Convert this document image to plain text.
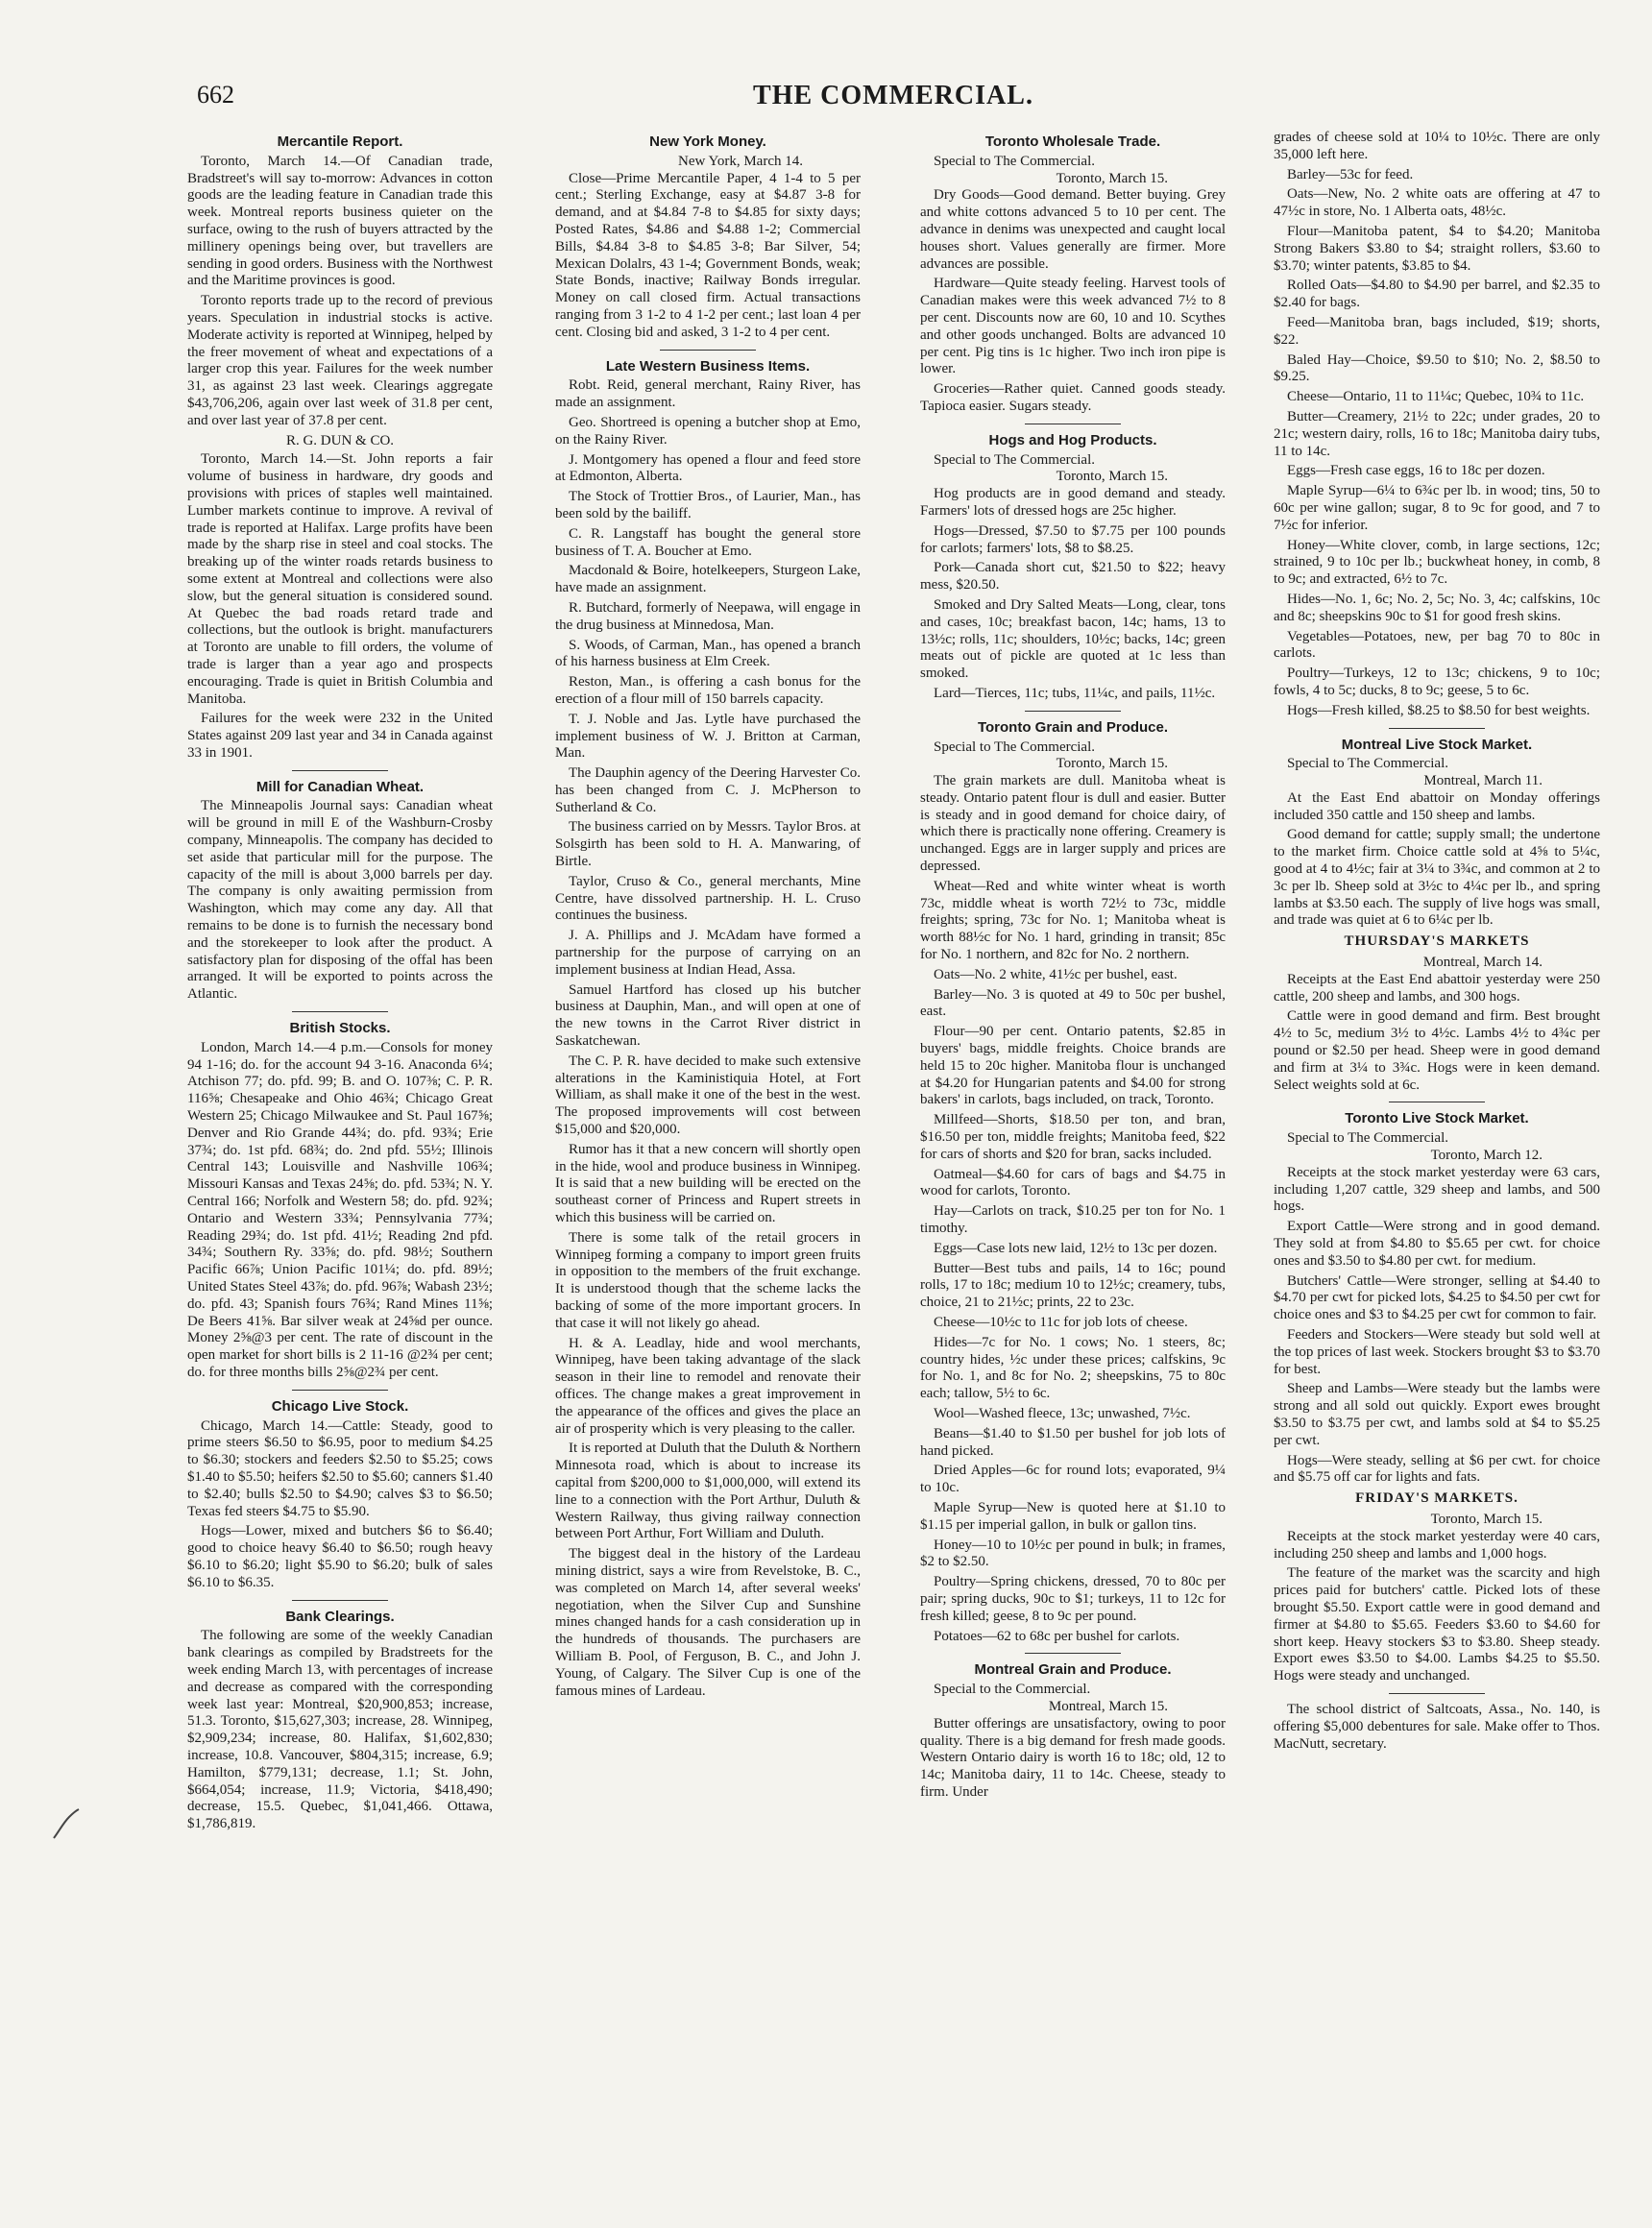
662	THE COMMERCIAL.
Mercantile Report.

Toronto, March 14.—Of Canadian trade, Bradstreet's will say to-morrow: Advances in cotton goods are the leading feature in Canadian trade this week. Montreal reports business quieter on the surface, owing to the rush of buyers attracted by the millinery openings being over, but travellers are sending in good orders. Business with the Northwest and the Maritime provinces is good.

Toronto reports trade up to the record of previous years. Speculation in industrial stocks is active. Moderate activity is reported at Winnipeg, helped by the freer movement of wheat and expectations of a larger crop this year. Failures for the week number 31, as against 23 last week. Clearings aggregate $43,706,206, again over last week of 31.8 per cent, and over last year of 37.8 per cent.

R. G. DUN & CO.

Toronto, March 14.—St. John reports a fair volume of business in hardware, dry goods and provisions with prices of staples well maintained. Lumber markets continue to improve. A revival of trade is reported at Halifax. Large profits have been made by the sharp rise in steel and coal stocks. The breaking up of the winter roads retards business to some extent at Montreal and collections were also slow, but the general situation is considered sound. At Quebec the bad roads retard trade and collections, but the outlook is bright. manufacturers at Toronto are unable to fill orders, the volume of trade is larger than a year ago and prospects encouraging. Trade is quiet in British Columbia and Manitoba.

Failures for the week were 232 in the United States against 209 last year and 34 in Canada against 33 in 1901.

Mill for Canadian Wheat.

The Minneapolis Journal says: Canadian wheat will be ground in mill E of the Washburn-Crosby company, Minneapolis. The company has decided to set aside that particular mill for the purpose. The capacity of the mill is about 3,000 barrels per day. The company is only awaiting permission from Washington, which may come any day. All that remains to be done is to furnish the necessary bond and the storekeeper to look after the product. A satisfactory plan for disposing of the offal has been arranged. It will be exported to points across the Atlantic.

British Stocks.

London, March 14.—4 p.m.—Consols for money 94 1-16; do. for the account 94 3-16. Anaconda 6¼; Atchison 77; do. pfd. 99; B. and O. 107⅜; C. P. R. 116⅝; Chesapeake and Ohio 46¾; Chicago Great Western 25; Chicago Milwaukee and St. Paul 167⅝; Denver and Rio Grande 44¾; do. pfd. 93¾; Erie 37¾; do. 1st pfd. 68¾; do. 2nd pfd. 55½; Illinois Central 143; Louisville and Nashville 106¾; Missouri Kansas and Texas 24⅝; do. pfd. 53¾; N. Y. Central 166; Norfolk and Western 58; do. pfd. 92¾; Ontario and Western 33¾; Pennsylvania 77¾; Reading 29¾; do. 1st pfd. 41½; Reading 2nd pfd. 34¾; Southern Ry. 33⅝; do. pfd. 98½; Southern Pacific 66⅞; Union Pacific 101¼; do. pfd. 89½; United States Steel 43⅞; do. pfd. 96⅞; Wabash 23½; do. pfd. 43; Spanish fours 76¾; Rand Mines 11⅝; De Beers 41⅝. Bar silver weak at 24⅝d per ounce. Money 2⅝@3 per cent. The rate of discount in the open market for short bills is 2 11-16 @2¾ per cent; do. for three months bills 2⅝@2¾ per cent.

Chicago Live Stock.

Chicago, March 14.—Cattle: Steady, good to prime steers $6.50 to $6.95, poor to medium $4.25 to $6.30; stockers and feeders $2.50 to $5.25; cows $1.40 to $5.50; heifers $2.50 to $5.60; canners $1.40 to $2.40; bulls $2.50 to $4.90; calves $3 to $6.50; Texas fed steers $4.75 to $5.90.

Hogs—Lower, mixed and butchers $6 to $6.40; good to choice heavy $6.40 to $6.50; rough heavy $6.10 to $6.20; light $5.90 to $6.20; bulk of sales $6.10 to $6.35.

Bank Clearings.

The following are some of the weekly Canadian bank clearings as compiled by Bradstreets for the week ending March 13, with percentages of increase and decrease as compared with the corresponding week last year: Montreal, $20,900,853; increase, 51.3. Toronto, $15,627,303; increase, 28. Winnipeg, $2,909,234; increase, 80. Halifax, $1,602,830; increase, 10.8. Vancouver, $804,315; increase, 6.9; Hamilton, $779,131; decrease, 1.1; St. John, $664,054; increase, 11.9; Victoria, $418,490; decrease, 15.5. Quebec, $1,041,466. Ottawa, $1,786,819.

New York Money.

New York, March 14.

Close—Prime Mercantile Paper, 4 1-4 to 5 per cent.; Sterling Exchange, easy at $4.87 3-8 for demand, and at $4.84 7-8 to $4.85 for sixty days; Posted Rates, $4.86 and $4.88 1-2; Commercial Bills, $4.84 3-8 to $4.85 3-8; Bar Silver, 54; Mexican Dolalrs, 43 1-4; Government Bonds, weak; State Bonds, inactive; Railway Bonds irregular. Money on call closed firm. Actual transactions ranging from 3 1-2 to 4 1-2 per cent.; last loan 4 per cent. Closing bid and asked, 3 1-2 to 4 per cent.

Late Western Business Items.

Robt. Reid, general merchant, Rainy River, has made an assignment.

Geo. Shortreed is opening a butcher shop at Emo, on the Rainy River.

J. Montgomery has opened a flour and feed store at Edmonton, Alberta.

The Stock of Trottier Bros., of Laurier, Man., has been sold by the bailiff.

C. R. Langstaff has bought the general store business of T. A. Boucher at Emo.

Macdonald & Boire, hotelkeepers, Sturgeon Lake, have made an assignment.

R. Butchard, formerly of Neepawa, will engage in the drug business at Minnedosa, Man.

S. Woods, of Carman, Man., has opened a branch of his harness business at Elm Creek.

Reston, Man., is offering a cash bonus for the erection of a flour mill of 150 barrels capacity.

T. J. Noble and Jas. Lytle have purchased the implement business of W. J. Britton at Carman, Man.

The Dauphin agency of the Deering Harvester Co. has been changed from C. J. McPherson to Sutherland & Co.

The business carried on by Messrs. Taylor Bros. at Solsgirth has been sold to H. A. Manwaring, of Birtle.

Taylor, Cruso & Co., general merchants, Mine Centre, have dissolved partnership. H. L. Cruso continues the business.

J. A. Phillips and J. McAdam have formed a partnership for the purpose of carrying on an implement business at Indian Head, Assa.

Samuel Hartford has closed up his butcher business at Dauphin, Man., and will open at one of the new towns in the Carrot River district in Saskatchewan.

The C. P. R. have decided to make such extensive alterations in the Kaministiquia Hotel, at Fort William, as shall make it one of the best in the west. The proposed improvements will cost between $15,000 and $20,000.

Rumor has it that a new concern will shortly open in the hide, wool and produce business in Winnipeg. It is said that a new building will be erected on the southeast corner of Princess and Rupert streets in which this business will be carried on.

There is some talk of the retail grocers in Winnipeg forming a company to import green fruits in opposition to the members of the fruit exchange. It is understood though that the scheme lacks the backing of some of the more important grocers. In that case it will not likely go ahead.

H. & A. Leadlay, hide and wool merchants, Winnipeg, have been taking advantage of the slack season in their line to remodel and renovate their offices. The change makes a great improvement in the appearance of the offices and gives the place an air of prosperity which is very pleasing to the caller.

It is reported at Duluth that the Duluth & Northern Minnesota road, which is about to increase its capital from $200,000 to $1,000,000, will extend its line to a connection with the Port Arthur, Duluth & Western Railway, thus giving railway connection between Port Arthur, Fort William and Duluth.

The biggest deal in the history of the Lardeau mining district, says a wire from Revelstoke, B. C., was completed on March 14, after several weeks' negotiation, when the Silver Cup and Sunshine mines changed hands for a cash consideration up in the hundreds of thousands. The purchasers are William B. Pool, of Ferguson, B. C., and John J. Young, of Calgary. The Silver Cup is one of the famous mines of Lardeau.

Toronto Wholesale Trade.

Special to The Commercial.

Toronto, March 15.

Dry Goods—Good demand. Better buying. Grey and white cottons advanced 5 to 10 per cent. The advance in denims was unexpected and caught local houses short. Values generally are firmer. More advances are possible.

Hardware—Quite steady feeling. Harvest tools of Canadian makes were this week advanced 7½ to 8 per cent. Discounts now are 60, 10 and 10. Scythes and other goods unchanged. Bolts are advanced 10 per cent. Pig tins is 1c higher. Two inch iron pipe is lower.

Groceries—Rather quiet. Canned goods steady. Tapioca easier. Sugars steady.

Hogs and Hog Products.

Special to The Commercial.

Toronto, March 15.

Hog products are in good demand and steady. Farmers' lots of dressed hogs are 25c higher.

Hogs—Dressed, $7.50 to $7.75 per 100 pounds for carlots; farmers' lots, $8 to $8.25.

Pork—Canada short cut, $21.50 to $22; heavy mess, $20.50.

Smoked and Dry Salted Meats—Long, clear, tons and cases, 10c; breakfast bacon, 14c; hams, 13 to 13½c; rolls, 11c; shoulders, 10½c; backs, 14c; green meats out of pickle are quoted at 1c less than smoked.

Lard—Tierces, 11c; tubs, 11¼c, and pails, 11½c.

Toronto Grain and Produce.

Special to The Commercial.

Toronto, March 15.

The grain markets are dull. Manitoba wheat is steady. Ontario patent flour is dull and easier. Butter is steady and in good demand for choice dairy, of which there is practically none offering. Creamery is unchanged. Eggs are in larger supply and prices are depressed.

Wheat—Red and white winter wheat is worth 73c, middle wheat is worth 72½ to 73c, middle freights; spring, 73c for No. 1; Manitoba wheat is worth 88½c for No. 1 hard, grinding in transit; 85c for No. 1 northern, and 82c for No. 2 northern.

Oats—No. 2 white, 41½c per bushel, east.

Barley—No. 3 is quoted at 49 to 50c per bushel, east.

Flour—90 per cent. Ontario patents, $2.85 in buyers' bags, middle freights. Choice brands are held 15 to 20c higher. Manitoba flour is unchanged at $4.20 for Hungarian patents and $4.00 for strong bakers' in carlots, bags included, on track, Toronto.

Millfeed—Shorts, $18.50 per ton, and bran, $16.50 per ton, middle freights; Manitoba feed, $22 for cars of shorts and $20 for bran, sacks included.

Oatmeal—$4.60 for cars of bags and $4.75 in wood for carlots, Toronto.

Hay—Carlots on track, $10.25 per ton for No. 1 timothy.

Eggs—Case lots new laid, 12½ to 13c per dozen.

Butter—Best tubs and pails, 14 to 16c; pound rolls, 17 to 18c; medium 10 to 12½c; creamery, tubs, choice, 21 to 21½c; prints, 22 to 23c.

Cheese—10½c to 11c for job lots of cheese.

Hides—7c for No. 1 cows; No. 1 steers, 8c; country hides, ½c under these prices; calfskins, 9c for No. 1, and 8c for No. 2; sheepskins, 75 to 80c each; tallow, 5½ to 6c.

Wool—Washed fleece, 13c; unwashed, 7½c.

Beans—$1.40 to $1.50 per bushel for job lots of hand picked.

Dried Apples—6c for round lots; evaporated, 9¼ to 10c.

Maple Syrup—New is quoted here at $1.10 to $1.15 per imperial gallon, in bulk or gallon tins.

Honey—10 to 10½c per pound in bulk; in frames, $2 to $2.50.

Poultry—Spring chickens, dressed, 70 to 80c per pair; spring ducks, 90c to $1; turkeys, 11 to 12c for fresh killed; geese, 8 to 9c per pound.

Potatoes—62 to 68c per bushel for carlots.

Montreal Grain and Produce.

Special to the Commercial.

Montreal, March 15.

Butter offerings are unsatisfactory, owing to poor quality. There is a big demand for fresh made goods. Western Ontario dairy is worth 16 to 18c; old, 12 to 14c; Manitoba dairy, 11 to 14c. Cheese, steady to firm. Under

grades of cheese sold at 10¼ to 10½c. There are only 35,000 left here.

Barley—53c for feed.

Oats—New, No. 2 white oats are offering at 47 to 47½c in store, No. 1 Alberta oats, 48½c.

Flour—Manitoba patent, $4 to $4.20; Manitoba Strong Bakers $3.80 to $4; straight rollers, $3.60 to $3.70; winter patents, $3.85 to $4.

Rolled Oats—$4.80 to $4.90 per barrel, and $2.35 to $2.40 for bags.

Feed—Manitoba bran, bags included, $19; shorts, $22.

Baled Hay—Choice, $9.50 to $10; No. 2, $8.50 to $9.25.

Cheese—Ontario, 11 to 11¼c; Quebec, 10¾ to 11c.

Butter—Creamery, 21½ to 22c; under grades, 20 to 21c; western dairy, rolls, 16 to 18c; Manitoba dairy tubs, 11 to 14c.

Eggs—Fresh case eggs, 16 to 18c per dozen.

Maple Syrup—6¼ to 6¾c per lb. in wood; tins, 50 to 60c per wine gallon; sugar, 8 to 9c for good, and 7 to 7½c for inferior.

Honey—White clover, comb, in large sections, 12c; strained, 9 to 10c per lb.; buckwheat honey, in comb, 8 to 9c; and extracted, 6½ to 7c.

Hides—No. 1, 6c; No. 2, 5c; No. 3, 4c; calfskins, 10c and 8c; sheepskins 90c to $1 for good fresh skins.

Vegetables—Potatoes, new, per bag 70 to 80c in carlots.

Poultry—Turkeys, 12 to 13c; chickens, 9 to 10c; fowls, 4 to 5c; ducks, 8 to 9c; geese, 5 to 6c.

Hogs—Fresh killed, $8.25 to $8.50 for best weights.

Montreal Live Stock Market.

Special to The Commercial.

Montreal, March 11.

At the East End abattoir on Monday offerings included 350 cattle and 150 sheep and lambs.

Good demand for cattle; supply small; the undertone to the market firm. Choice cattle sold at 4⅝ to 5¼c, good at 4 to 4½c; fair at 3¼ to 3¾c, and common at 2 to 3c per lb. Sheep sold at 3½c to 4¼c per lb., and spring lambs at $3.50 each. The supply of live hogs was small, and trade was quiet at 6 to 6¼c per lb.

THURSDAY'S MARKETS

Montreal, March 14.

Receipts at the East End abattoir yesterday were 250 cattle, 200 sheep and lambs, and 300 hogs.

Cattle were in good demand and firm. Best brought 4½ to 5c, medium 3½ to 4½c. Lambs 4½ to 4¾c per pound or $2.50 per head. Sheep were in good demand and firm at 3¼ to 3¾c. Hogs were in keen demand. Select weights sold at 6c.

Toronto Live Stock Market.

Special to The Commercial.

Toronto, March 12.

Receipts at the stock market yesterday were 63 cars, including 1,207 cattle, 329 sheep and lambs, and 500 hogs.

Export Cattle—Were strong and in good demand. They sold at from $4.80 to $5.65 per cwt. for choice ones and $3.50 to $4.80 per cwt. for medium.

Butchers' Cattle—Were stronger, selling at $4.40 to $4.70 per cwt for picked lots, $4.25 to $4.50 per cwt for choice ones and $3 to $4.25 per cwt for common to fair.

Feeders and Stockers—Were steady but sold well at the top prices of last week. Stockers brought $3 to $3.70 for best.

Sheep and Lambs—Were steady but the lambs were strong and all sold out quickly. Export ewes brought $3.50 to $3.75 per cwt, and lambs sold at $4 to $5.25 per cwt.

Hogs—Were steady, selling at $6 per cwt. for choice and $5.75 off car for lights and fats.

FRIDAY'S MARKETS.

Toronto, March 15.

Receipts at the stock market yesterday were 40 cars, including 250 sheep and lambs and 1,000 hogs.

The feature of the market was the scarcity and high prices paid for butchers' cattle. Picked lots of these brought $5.50. Export cattle were in good demand and firmer at $4.80 to $5.65. Feeders $3.60 to $4.60 for short keep. Heavy stockers $3 to $3.80. Sheep steady. Export ewes $3.50 to $4.00. Lambs $4.25 to $5.50. Hogs were steady and unchanged.

The school district of Saltcoats, Assa., No. 140, is offering $5,000 debentures for sale. Make offer to Thos. MacNutt, secretary.
